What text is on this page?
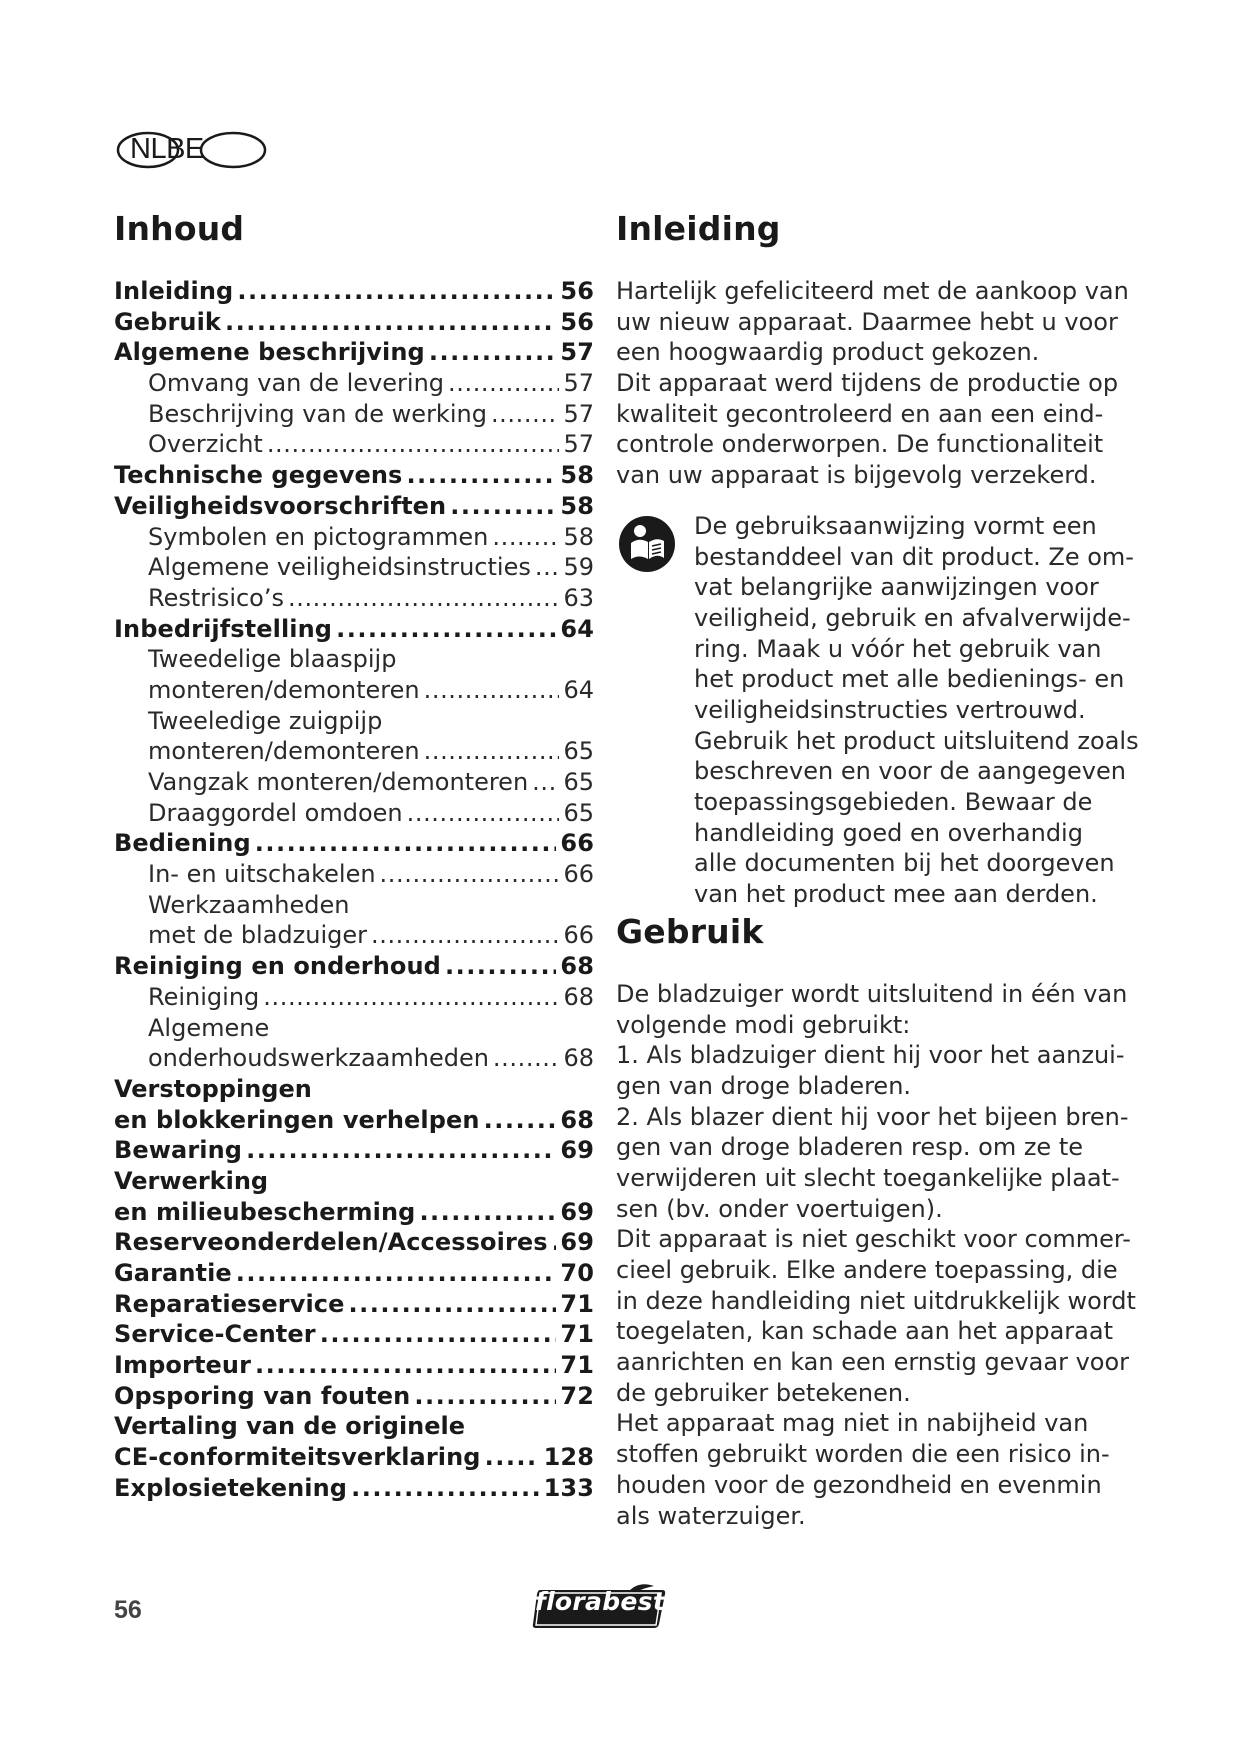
NLBE
Inhoud
Inleiding .....	56
Gebruik .....	56
Algemene beschrijving .....	57
Omvang van de levering .....	57
Beschrijving van de werking .....	57
Overzicht .....	57
Technische gegevens .....	58
Veiligheidsvoorschriften .....	58
Symbolen en pictogrammen .....	58
Algemene veiligheidsinstructies ..... 59
Restrisico’s .....	63
Inbedrijfstelling .....	64
Tweedelige blaaspijp
monteren/demonteren .....	64
Tweeledige zuigpijp
monteren/demonteren .....	65
Vangzak monteren/demonteren ..... 65
Draaggordel omdoen .....	65
Bediening .....	66
In- en uitschakelen .....	66
Werkzaamheden
met de bladzuiger .....	66
Reiniging en onderhoud .....	68
Reiniging .....	68
Algemene
onderhoudswerkzaamheden .....	68
Verstoppingen
en blokkeringen verhelpen .....	68
Bewaring .....	69
Verwerking
en milieubescherming .....	69
Reserveonderdelen/Accessoires ..... 69
Garantie .....	70
Reparatieservice .....	71
Service-Center .....	71
Importeur .....	71
Opsporing van fouten .....	72
Vertaling van de originele
CE-conformiteitsverklaring .....	128
Explosietekening .....	133
Inleiding

Hartelijk gefeliciteerd met de aankoop van
uw nieuw apparaat. Daarmee hebt u voor
een hoogwaardig product gekozen.
Dit apparaat werd tijdens de productie op
kwaliteit gecontroleerd en aan een eind-
controle onderworpen. De functionaliteit
van uw apparaat is bijgevolg verzekerd.

De gebruiksaanwijzing vormt een
bestanddeel van dit product. Ze om-
vat belangrijke aanwijzingen voor
veiligheid, gebruik en afvalverwijde-
ring. Maak u vóór het gebruik van
het product met alle bedienings- en
veiligheidsinstructies vertrouwd.
Gebruik het product uitsluitend zoals
beschreven en voor de aangegeven
toepassingsgebieden. Bewaar de
handleiding goed en overhandig
alle documenten bij het doorgeven
van het product mee aan derden.

Gebruik

De bladzuiger wordt uitsluitend in één van
volgende modi gebruikt:
1. Als bladzuiger dient hij voor het aanzui-
gen van droge bladeren.
2. Als blazer dient hij voor het bijeen bren-
gen van droge bladeren resp. om ze te
verwijderen uit slecht toegankelijke plaat-
sen (bv. onder voertuigen).
Dit apparaat is niet geschikt voor commer-
cieel gebruik. Elke andere toepassing, die
in deze handleiding niet uitdrukkelijk wordt
toegelaten, kan schade aan het apparaat
aanrichten en kan een ernstig gevaar voor
de gebruiker betekenen.
Het apparaat mag niet in nabijheid van
stoffen gebruikt worden die een risico in-
houden voor de gezondheid en evenmin
als waterzuiger.

56	florabest
